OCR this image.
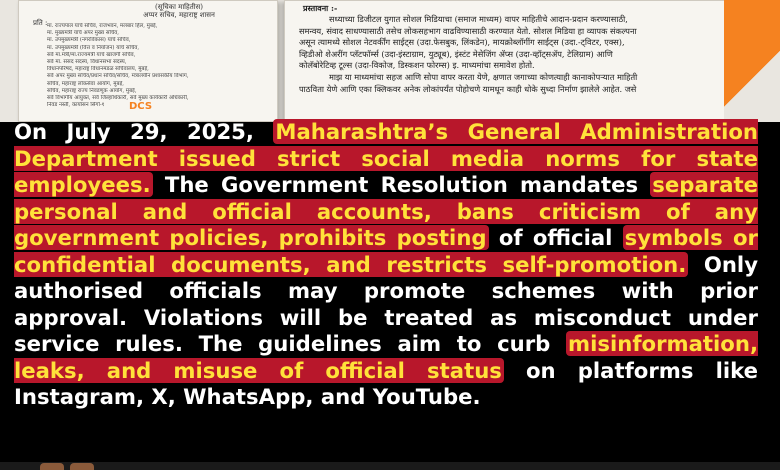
(सूचिका माहितीस)
अप्पर सचिव, महाराष्ट्र शासन
प्रति :
1. मा. राज्यपाल यांचे सचिव, राजभवन, मलबार हिल, मुंबई,
2. मा. मुख्यमंत्री यांचे अपर मुख्य सचिव,
3. मा. उपमुख्यमंत्री (नगरविकास) यांचे सचिव,
4. मा. उपमुख्यमंत्री (वित्त व नियोजन) यांचे सचिव,
5. सर्व मा.मंत्री/मा.राज्यमंत्री यांचे खाजगी सचिव,
6. सर्व मा. संसद सदस्य, विधानसभा सदस्य,
7. विधानपरिषद, महाराष्ट्र विधानमंडळ सचिवालय, मुंबई,
8. सर्व अपर मुख्य सचिव/प्रधान सचिव/सचिव, मंत्रालयीन प्रशासकीय विभाग,
9. सचिव, महाराष्ट्र लोकसेवा आयोग, मुंबई,
10. सचिव, महाराष्ट्र राज्य निवडणूक आयोग, मुंबई,
11. सर्व विभागीय आयुक्त, सर्व जिल्हाधिकारी, सर्व मुख्य कार्यकारी अधिकारी,
12. निवड नस्ती, कार्यासन सिंगो-१	DCS
प्रस्तावना :-
सध्याच्या डिजीटल युगात सोशल मिडियाचा (समाज माध्यम) वापर माहितीचे आदान-प्रदान करण्यासाठी,
समन्वय, संवाद साधण्यासाठी तसेच लोकसहभाग वाढविण्यासाठी करण्यात येतो. सोशल मिडिया हा व्यापक संकल्पना
असून त्यामध्ये सोशल नेटवर्कींग साईट्स (उदा.फेसबुक, लिंकडेन), मायक्रोब्लॉगींग साईट्स (उदा.-ट्विटर, एक्स),
व्हिडीओ शेअरींग प्लॅटफॉर्म्स (उदा-इंस्टाग्राम, युट्यूब), इंस्टंट मेसेजिंग ॲप्स (उदा-व्हॉट्सॲप, टेलिग्राम) आणि
कोलॅबोरेटिव्ह टूल्स (उदा-विकोज, डिस्कशन फोरम्स) इ. माध्यमांचा समावेश होतो.
माझ या माध्यमांचा सहज आणि सोपा वापर करता येणे, क्षणात जगाच्या कोणत्याही कानाकोपऱ्यात माहिती
पाठविता येणे आणि एका क्लिकवर अनेक लोकांपर्यंत पोहोचणे यामधून काही धोके सुध्दा निर्माण झालेले आहेत. जसे
On July 29, 2025, Maharashtra’s General Administration Department issued strict social media norms for state employees. The Government Resolution mandates separate personal and official accounts, bans criticism of any government policies, prohibits posting of official symbols or confidential documents, and restricts self-promotion. Only authorised officials may promote schemes with prior approval. Violations will be treated as misconduct under service rules. The guidelines aim to curb misinformation, leaks, and misuse of official status on platforms like Instagram, X, WhatsApp, and YouTube.
